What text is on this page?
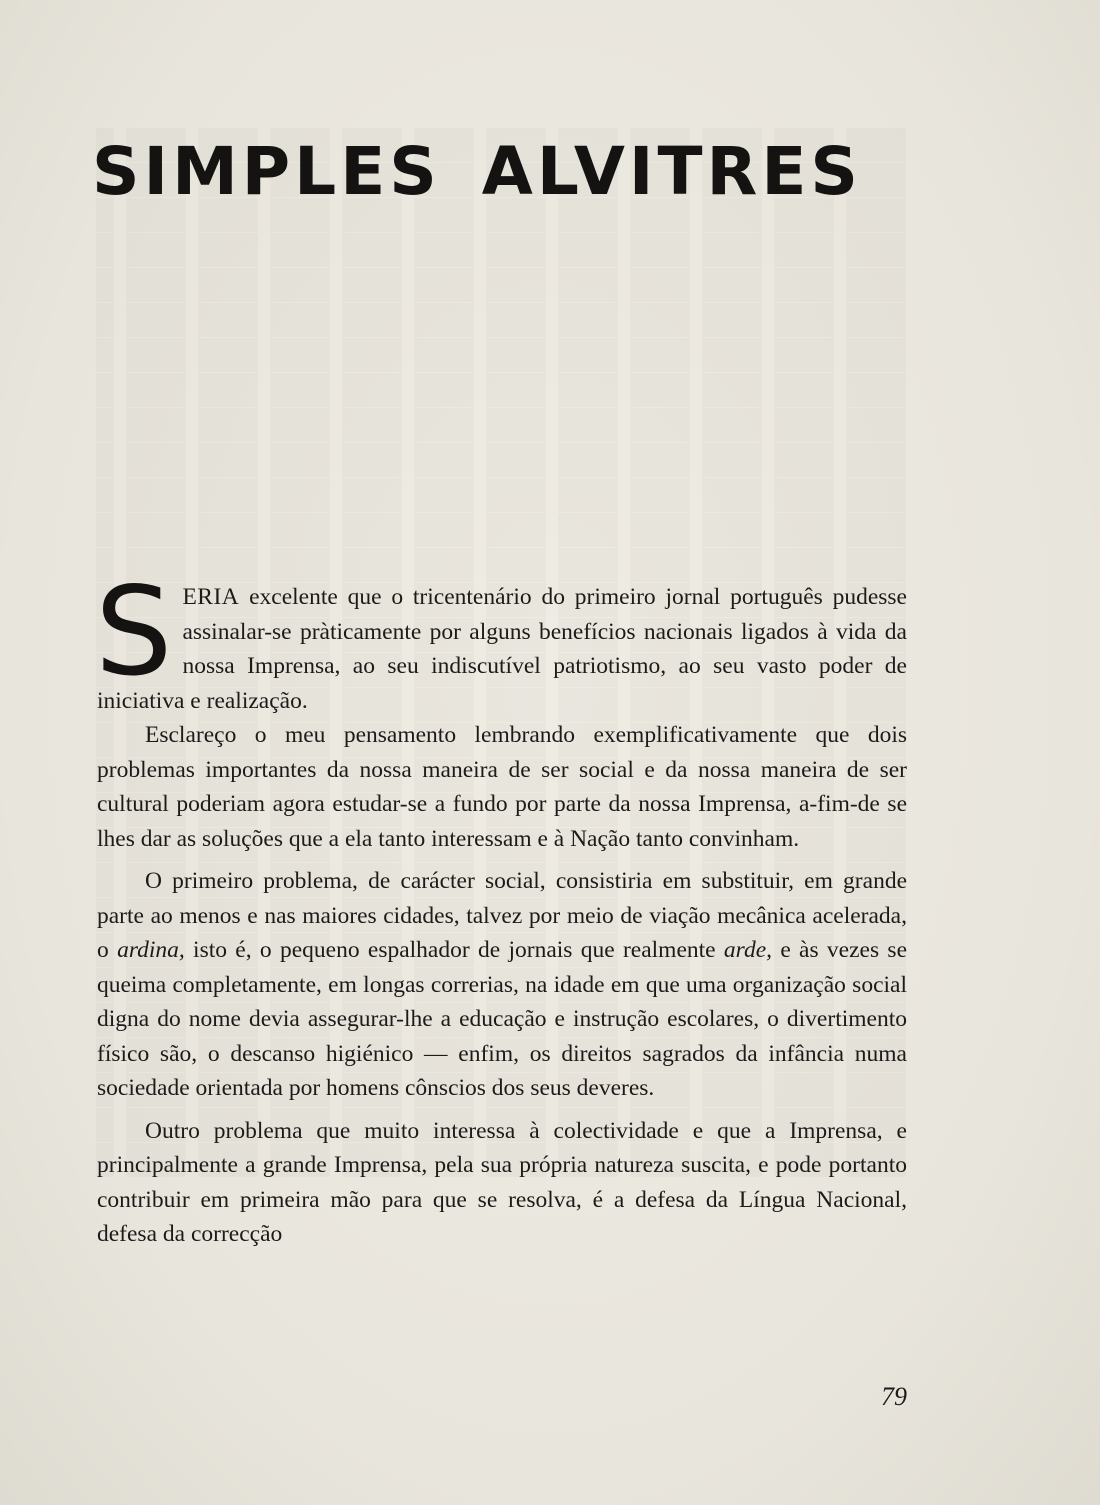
SIMPLES ALVITRES

SERIA excelente que o tricentenário do primeiro jornal português pudesse assinalar-se pràticamente por alguns benefícios nacionais ligados à vida da nossa Imprensa, ao seu indiscutível patriotismo, ao seu vasto poder de iniciativa e realização.

Esclareço o meu pensamento lembrando exemplificativamente que dois problemas importantes da nossa maneira de ser social e da nossa maneira de ser cultural poderiam agora estudar-se a fundo por parte da nossa Imprensa, a-fim-de se lhes dar as soluções que a ela tanto interessam e à Nação tanto convinham.

O primeiro problema, de carácter social, consistiria em substituir, em grande parte ao menos e nas maiores cidades, talvez por meio de viação mecânica acelerada, o ardina, isto é, o pequeno espalhador de jornais que realmente arde, e às vezes se queima completamente, em longas correrias, na idade em que uma organização social digna do nome devia assegurar-lhe a educação e instrução escolares, o divertimento físico são, o descanso higiénico — enfim, os direitos sagrados da infância numa sociedade orientada por homens cônscios dos seus deveres.

Outro problema que muito interessa à colectividade e que a Imprensa, e principalmente a grande Imprensa, pela sua própria natureza suscita, e pode portanto contribuir em primeira mão para que se resolva, é a defesa da Língua Nacional, defesa da correcção

79
